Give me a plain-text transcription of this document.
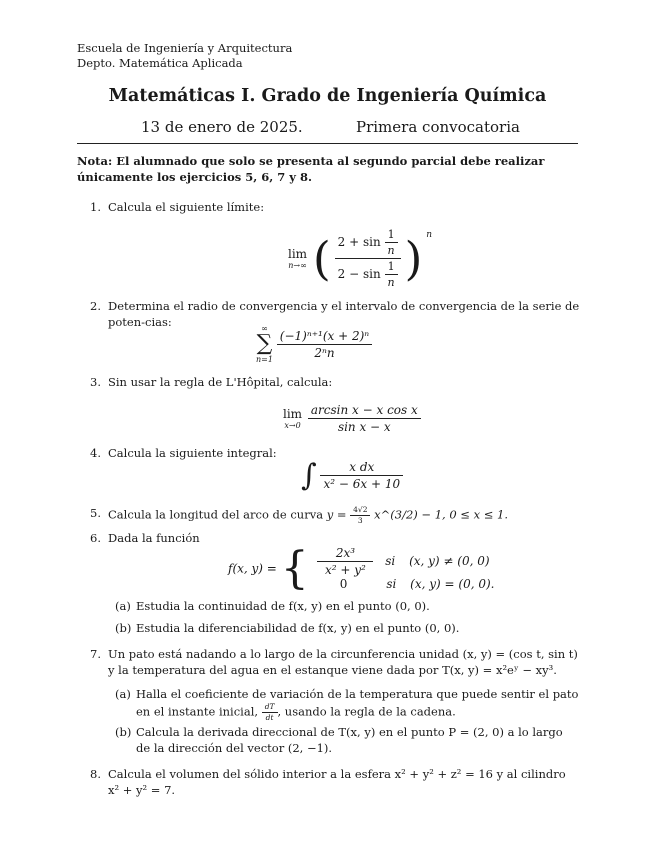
Escuela de Ingeniería y Arquitectura
Depto. Matemática Aplicada
Matemáticas I. Grado de Ingeniería Química
13 de enero de 2025.	Primera convocatoria
Nota: El alumnado que solo se presenta al segundo parcial debe realizar únicamente los ejercicios 5, 6, 7 y 8.
1. Calcula el siguiente límite:
lim
n→∞ ( $\frac{2 + \sin \frac{1}{n}}{2 - \sin \frac{1}{n}}$ ) $^n$
2. Determina el radio de convergencia y el intervalo de convergencia de la serie de poten-cias:	∞
∑
n=1
$\frac{\text{(−1)ⁿ⁺¹(x + 2)ⁿ}}{\text{2ⁿn}}$
3. Sin usar la regla de L'Hôpital, calcula:
lim
x→0
$\frac{\text{arcsin x − x cos x}}{\text{sin x − x}}$
4. Calcula la siguiente integral:
∫ $\frac{\text{x dx}}{\text{x² − 6x + 10}}$
5. Calcula la longitud del arco de curva $y = \frac{4√2}{3}$ x^(3/2) − 1, 0 ≤ x ≤ 1.
6. Dada la función
f(x, y) = { $\frac{\text{2x³}}{\text{x² + y²}}$ si (x, y) ≠ (0, 0)
0	si (x, y) = (0, 0).
(a) Estudia la continuidad de f(x, y) en el punto (0, 0).
(b) Estudia la diferenciabilidad de f(x, y) en el punto (0, 0).
7. Un pato está nadando a lo largo de la circunferencia unidad (x, y) = (cos t, sin t) y la temperatura del agua en el estanque viene dada por T(x, y) = x²eʸ − xy³.
(a) Halla el coeficiente de variación de la temperatura que puede sentir el pato en el instante inicial, $\frac{dT}{dt}$ , usando la regla de la cadena.
(b) Calcula la derivada direccional de T(x, y) en el punto P = (2, 0) a lo largo de la dirección del vector (2, −1).
8. Calcula el volumen del sólido interior a la esfera x² + y² + z² = 16 y al cilindro x² + y² = 7.
